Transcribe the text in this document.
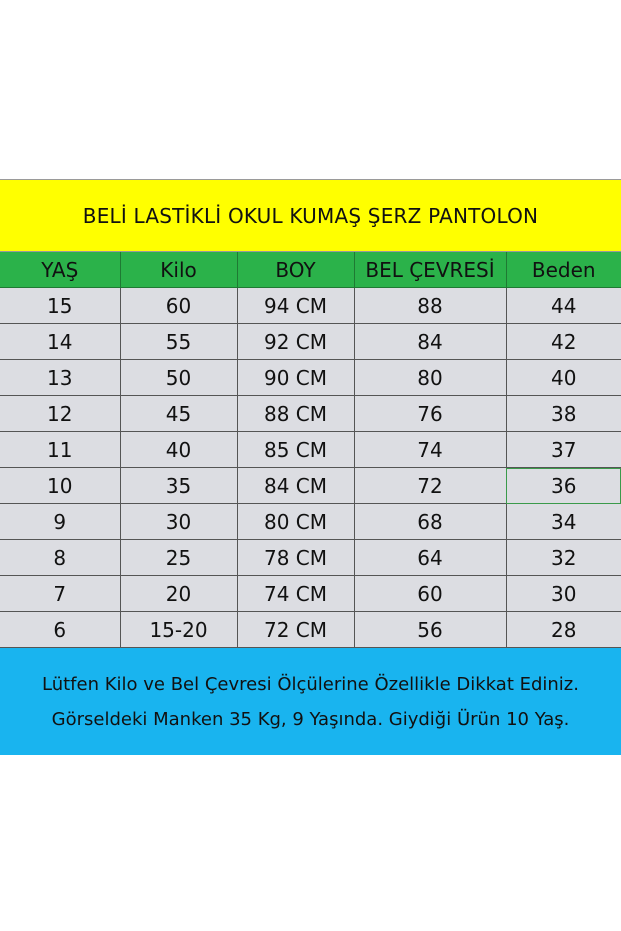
BELİ LASTİKLİ OKUL KUMAŞ ŞERZ PANTOLON
YAŞ	Kilo	BOY	BEL ÇEVRESİ	Beden
15	60	94 CM	88	44
14	55	92 CM	84	42
13	50	90 CM	80	40
12	45	88 CM	76	38
11	40	85 CM	74	37
10	35	84 CM	72	36
9	30	80 CM	68	34
8	25	78 CM	64	32
7	20	74 CM	60	30
6	15-20	72 CM	56	28
Lütfen Kilo ve Bel Çevresi Ölçülerine Özellikle Dikkat Ediniz. Görseldeki Manken 35 Kg, 9 Yaşında. Giydiği Ürün 10 Yaş.
